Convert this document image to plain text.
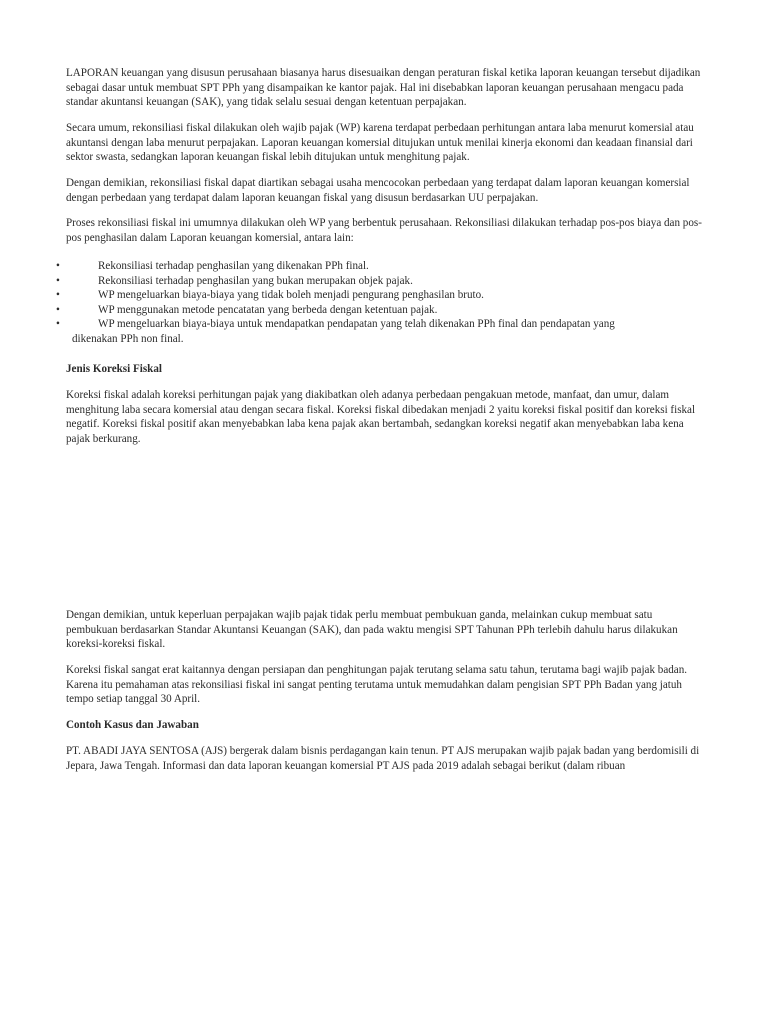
LAPORAN keuangan yang disusun perusahaan biasanya harus disesuaikan dengan peraturan fiskal ketika laporan keuangan tersebut dijadikan sebagai dasar untuk membuat SPT PPh yang disampaikan ke kantor pajak. Hal ini disebabkan laporan keuangan perusahaan mengacu pada standar akuntansi keuangan (SAK), yang tidak selalu sesuai dengan ketentuan perpajakan.

Secara umum, rekonsiliasi fiskal dilakukan oleh wajib pajak (WP) karena terdapat perbedaan perhitungan antara laba menurut komersial atau akuntansi dengan laba menurut perpajakan. Laporan keuangan komersial ditujukan untuk menilai kinerja ekonomi dan keadaan finansial dari sektor swasta, sedangkan laporan keuangan fiskal lebih ditujukan untuk menghitung pajak.

Dengan demikian, rekonsiliasi fiskal dapat diartikan sebagai usaha mencocokan perbedaan yang terdapat dalam laporan keuangan komersial dengan perbedaan yang terdapat dalam laporan keuangan fiskal yang disusun berdasarkan UU perpajakan.

Proses rekonsiliasi fiskal ini umumnya dilakukan oleh WP yang berbentuk perusahaan. Rekonsiliasi dilakukan terhadap pos-pos biaya dan pos-pos penghasilan dalam Laporan keuangan komersial, antara lain:

•	Rekonsiliasi terhadap penghasilan yang dikenakan PPh final.
•	Rekonsiliasi terhadap penghasilan yang bukan merupakan objek pajak.
•	WP mengeluarkan biaya-biaya yang tidak boleh menjadi pengurang penghasilan bruto.
•	WP menggunakan metode pencatatan yang berbeda dengan ketentuan pajak.
•	WP mengeluarkan biaya-biaya untuk mendapatkan pendapatan yang telah dikenakan PPh final dan pendapatan yang
dikenakan PPh non final.

Jenis Koreksi Fiskal

Koreksi fiskal adalah koreksi perhitungan pajak yang diakibatkan oleh adanya perbedaan pengakuan metode, manfaat, dan umur, dalam menghitung laba secara komersial atau dengan secara fiskal. Koreksi fiskal dibedakan menjadi 2 yaitu koreksi fiskal positif dan koreksi fiskal negatif. Koreksi fiskal positif akan menyebabkan laba kena pajak akan bertambah, sedangkan koreksi negatif akan menyebabkan laba kena pajak berkurang.

Dengan demikian, untuk keperluan perpajakan wajib pajak tidak perlu membuat pembukuan ganda, melainkan cukup membuat satu pembukuan berdasarkan Standar Akuntansi Keuangan (SAK), dan pada waktu mengisi SPT Tahunan PPh terlebih dahulu harus dilakukan koreksi-koreksi fiskal.

Koreksi fiskal sangat erat kaitannya dengan persiapan dan penghitungan pajak terutang selama satu tahun, terutama bagi wajib pajak badan. Karena itu pemahaman atas rekonsiliasi fiskal ini sangat penting terutama untuk memudahkan dalam pengisian SPT PPh Badan yang jatuh tempo setiap tanggal 30 April.

Contoh Kasus dan Jawaban

PT. ABADI JAYA SENTOSA (AJS) bergerak dalam bisnis perdagangan kain tenun. PT AJS merupakan wajib pajak badan yang berdomisili di Jepara, Jawa Tengah. Informasi dan data laporan keuangan komersial PT AJS pada 2019 adalah sebagai berikut (dalam ribuan
